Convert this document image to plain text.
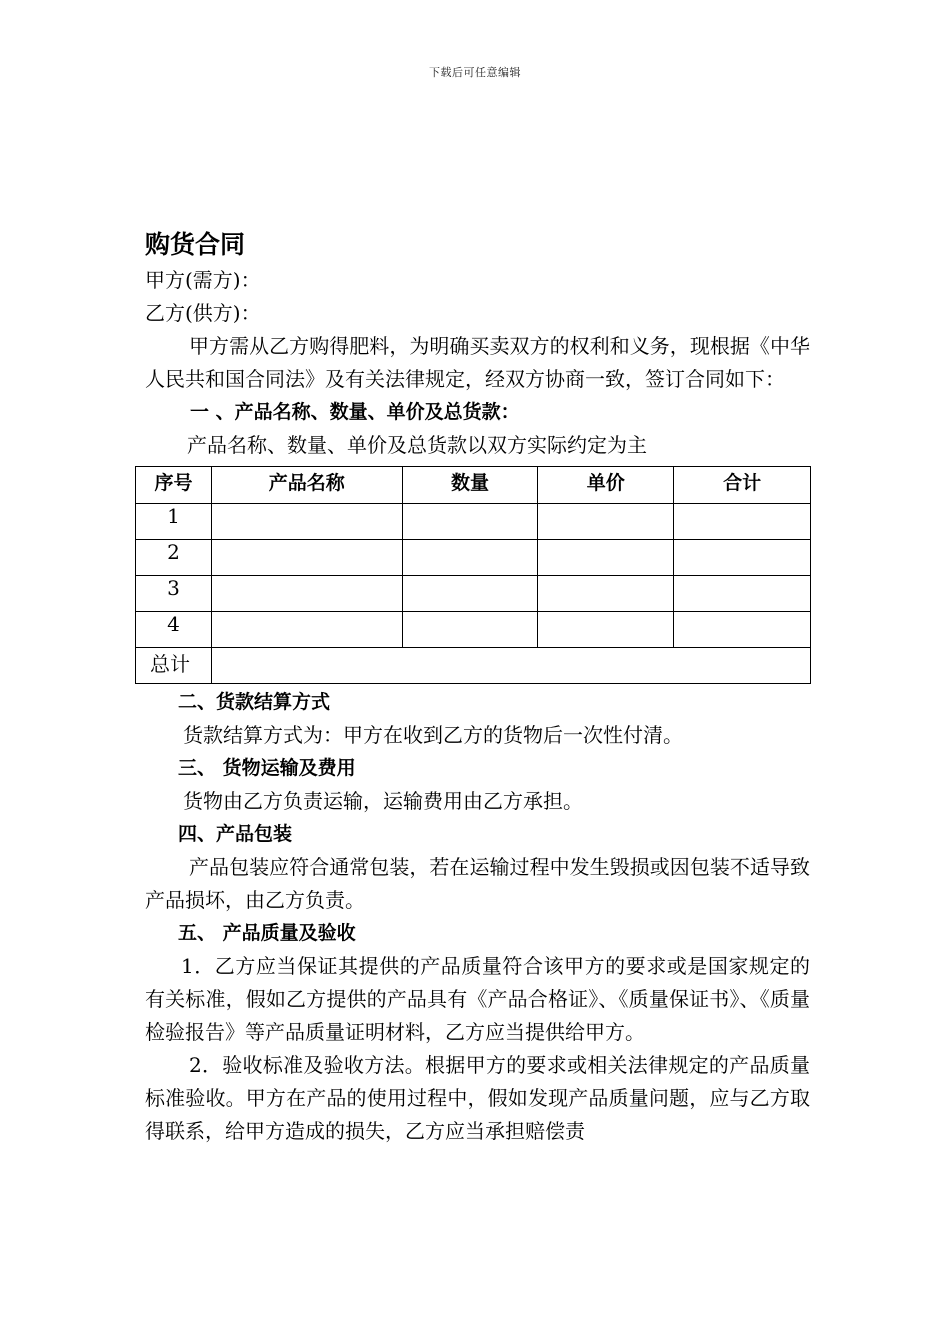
下载后可任意编辑

购货合同

甲方(需方)：

乙方(供方)：

甲方需从乙方购得肥料，为明确买卖双方的权利和义务，现根据《中华人民共和国合同法》及有关法律规定，经双方协商一致，签订合同如下：

一 、产品名称、数量、单价及总货款：

产品名称、数量、单价及总货款以双方实际约定为主

序号	产品名称	数量	单价	合计
1				
2				
3				
4				
总计				

二、货款结算方式

货款结算方式为：甲方在收到乙方的货物后一次性付清。

三、 货物运输及费用

货物由乙方负责运输，运输费用由乙方承担。

四、产品包装

产品包装应符合通常包装，若在运输过程中发生毁损或因包装不适导致产品损坏，由乙方负责。

五、 产品质量及验收

1．乙方应当保证其提供的产品质量符合该甲方的要求或是国家规定的有关标准，假如乙方提供的产品具有《产品合格证》、《质量保证书》、《质量检验报告》等产品质量证明材料，乙方应当提供给甲方。

2．验收标准及验收方法。根据甲方的要求或相关法律规定的产品质量标准验收。甲方在产品的使用过程中，假如发现产品质量问题，应与乙方取得联系，给甲方造成的损失，乙方应当承担赔偿责
